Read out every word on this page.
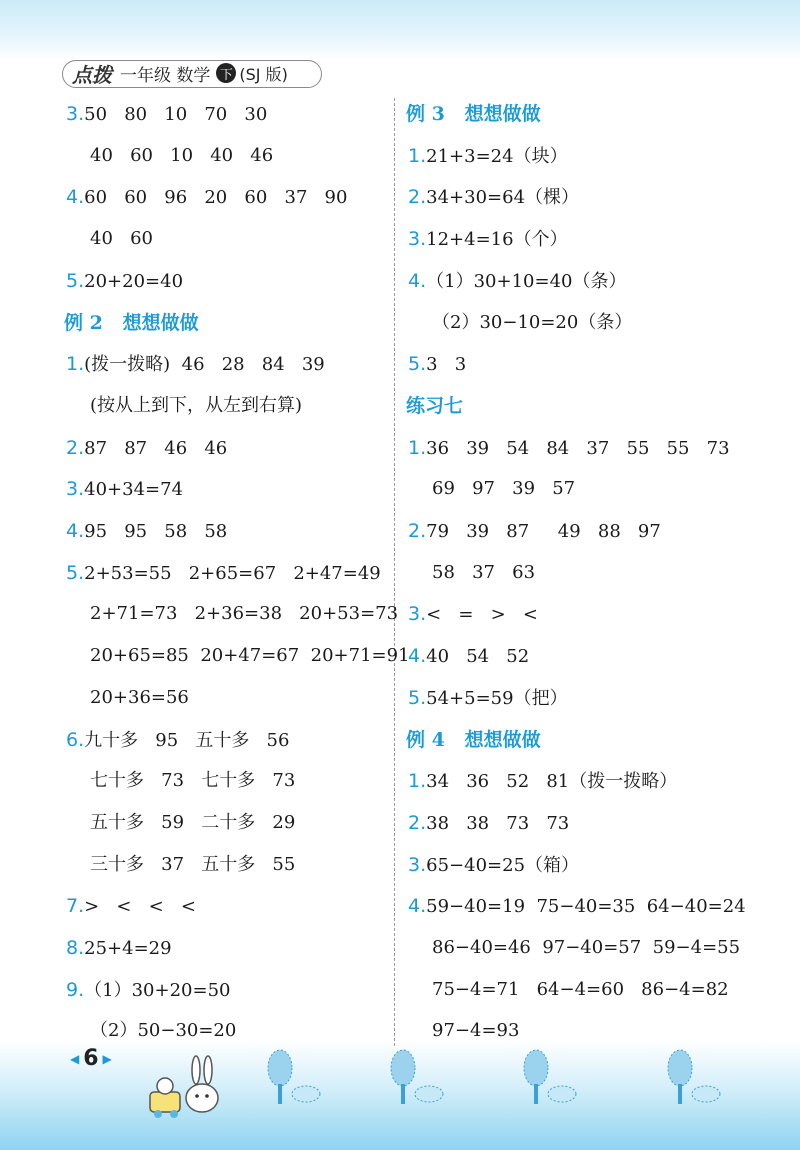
点拨 一年级 数学 下 (SJ 版)
3.50   80   10   70   30
40   60   10   40   46
4.60   60   96   20   60   37   90
40   60
5.20+20=40
例 2   想想做做
1.(拨一拨略)  46   28   84   39
(按从上到下，从左到右算)
2.87   87   46   46
3.40+34=74
4.95   95   58   58
5.2+53=55   2+65=67   2+47=49
2+71=73   2+36=38   20+53=73
20+65=85  20+47=67  20+71=91
20+36=56
6.九十多   95   五十多   56
七十多   73   七十多   73
五十多   59   二十多   29
三十多   37   五十多   55
7.>   <   <   <
8.25+4=29
9.（1）30+20=50
（2）50−30=20
例 3   想想做做
1.21+3=24（块）
2.34+30=64（棵）
3.12+4=16（个）
4.（1）30+10=40（条）
（2）30−10=20（条）
5.3   3
练习七
1.36   39   54   84   37   55   55   73
69   97   39   57
2.79   39   87     49   88   97
58   37   63
3.<   =   >   <
4.40   54   52
5.54+5=59（把）
例 4   想想做做
1.34   36   52   81（拨一拨略）
2.38   38   73   73
3.65−40=25（箱）
4.59−40=19  75−40=35  64−40=24
86−40=46  97−40=57  59−4=55
75−4=71   64−4=60   86−4=82
97−4=93
◀ 6 ▶
